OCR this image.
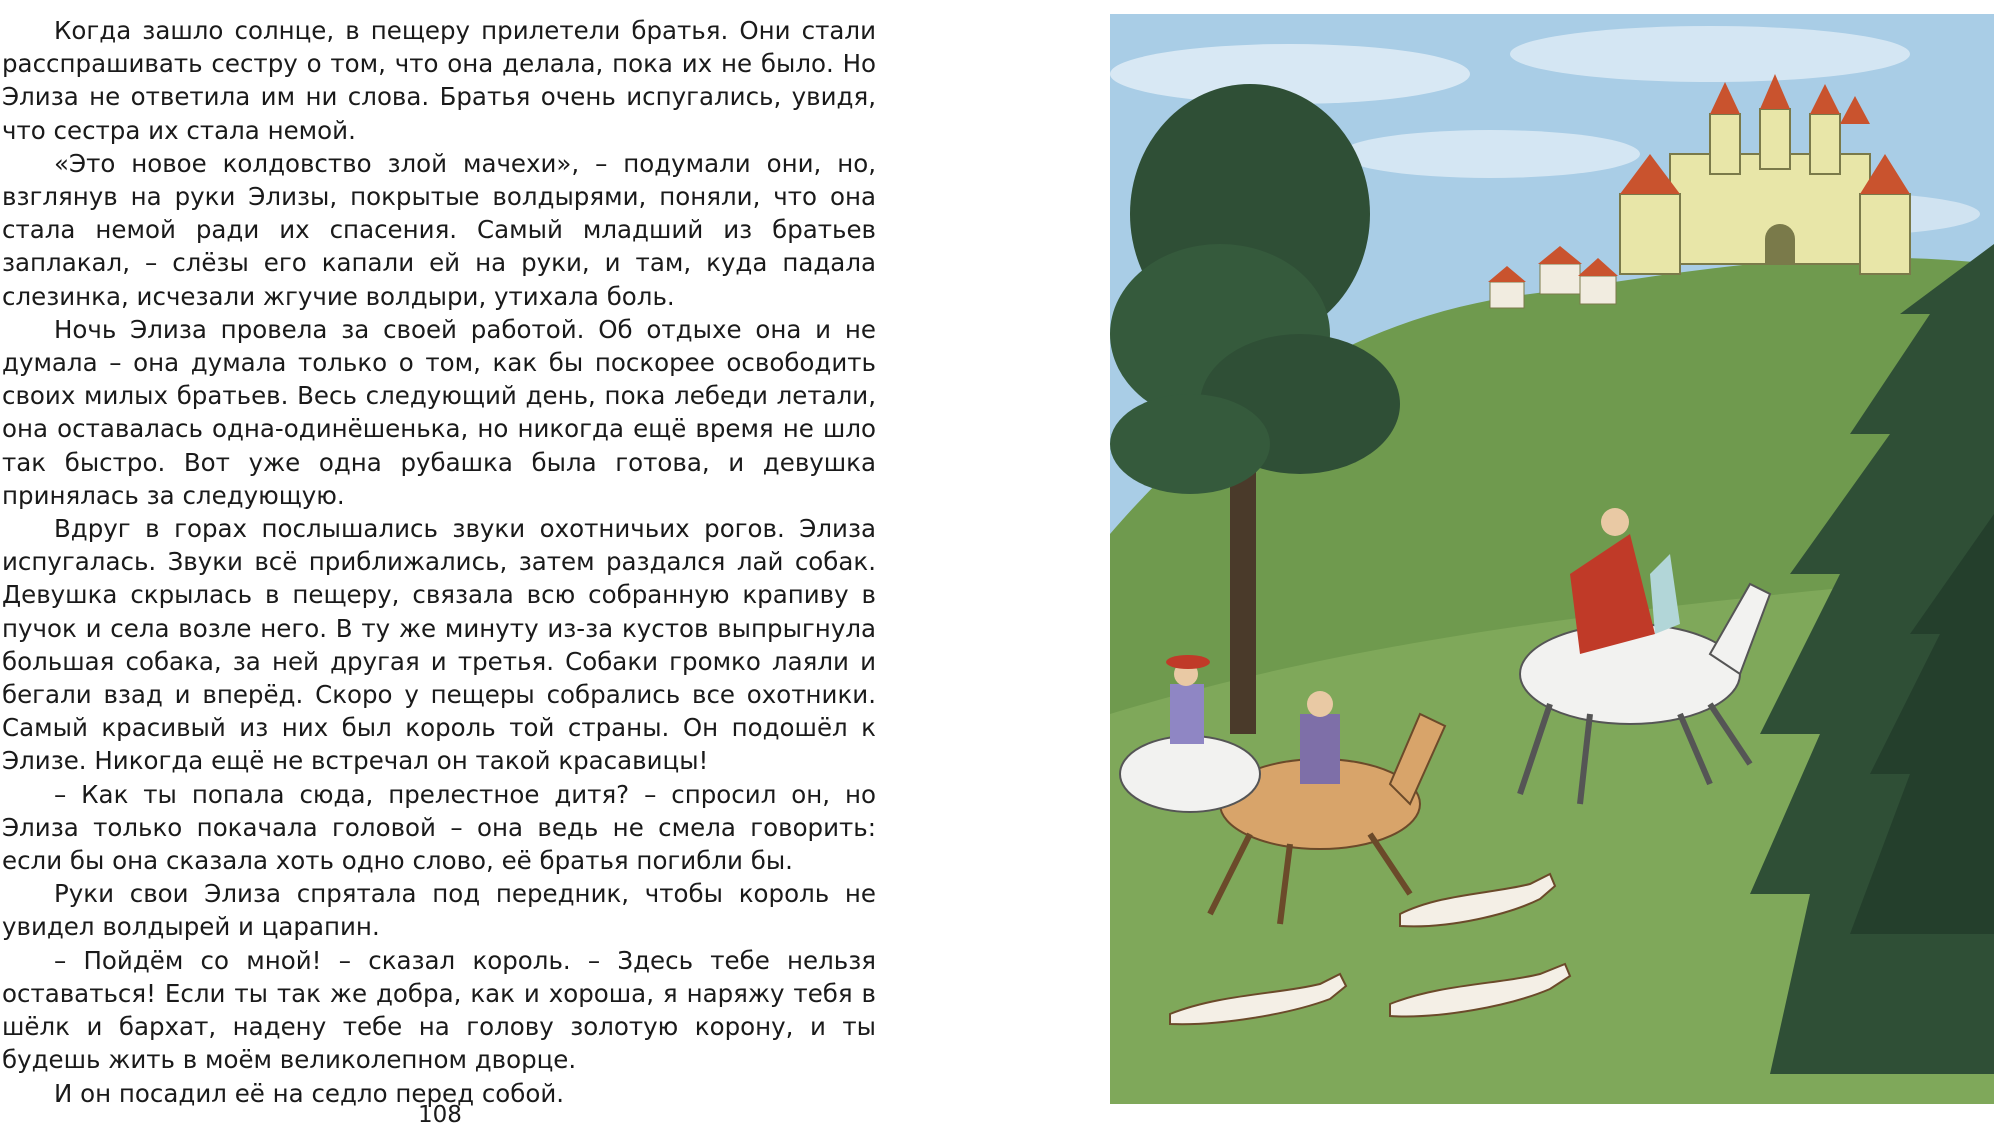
Когда зашло солнце, в пещеру прилетели братья. Они стали расспрашивать сестру о том, что она делала, пока их не было. Но Элиза не ответила им ни слова. Братья очень испугались, увидя, что сестра их стала немой.

«Это новое колдовство злой мачехи», – подумали они, но, взглянув на руки Элизы, покрытые волдырями, поняли, что она стала немой ради их спасения. Самый младший из братьев заплакал, – слёзы его капали ей на руки, и там, куда падала слезинка, исчезали жгучие волдыри, утихала боль.

Ночь Элиза провела за своей работой. Об отдыхе она и не думала – она думала только о том, как бы поскорее освободить своих милых братьев. Весь следующий день, пока лебеди летали, она оставалась одна-одинёшенька, но никогда ещё время не шло так быстро. Вот уже одна рубашка была готова, и девушка принялась за следующую.

Вдруг в горах послышались звуки охотничьих рогов. Элиза испугалась. Звуки всё приближались, затем раздался лай собак. Девушка скрылась в пещеру, связала всю собранную крапиву в пучок и села возле него. В ту же минуту из-за кустов выпрыгнула большая собака, за ней другая и третья. Собаки громко лаяли и бегали взад и вперёд. Скоро у пещеры собрались все охотники. Самый красивый из них был король той страны. Он подошёл к Элизе. Никогда ещё не встречал он такой красавицы!

– Как ты попала сюда, прелестное дитя? – спросил он, но Элиза только покачала головой – она ведь не смела говорить: если бы она сказала хоть одно слово, её братья погибли бы.

Руки свои Элиза спрятала под передник, чтобы король не увидел волдырей и царапин.

– Пойдём со мной! – сказал король. – Здесь тебе нельзя оставаться! Если ты так же добра, как и хороша, я наряжу тебя в шёлк и бархат, надену тебе на голову золотую корону, и ты будешь жить в моём великолепном дворце.

И он посадил её на седло перед собой.

108
